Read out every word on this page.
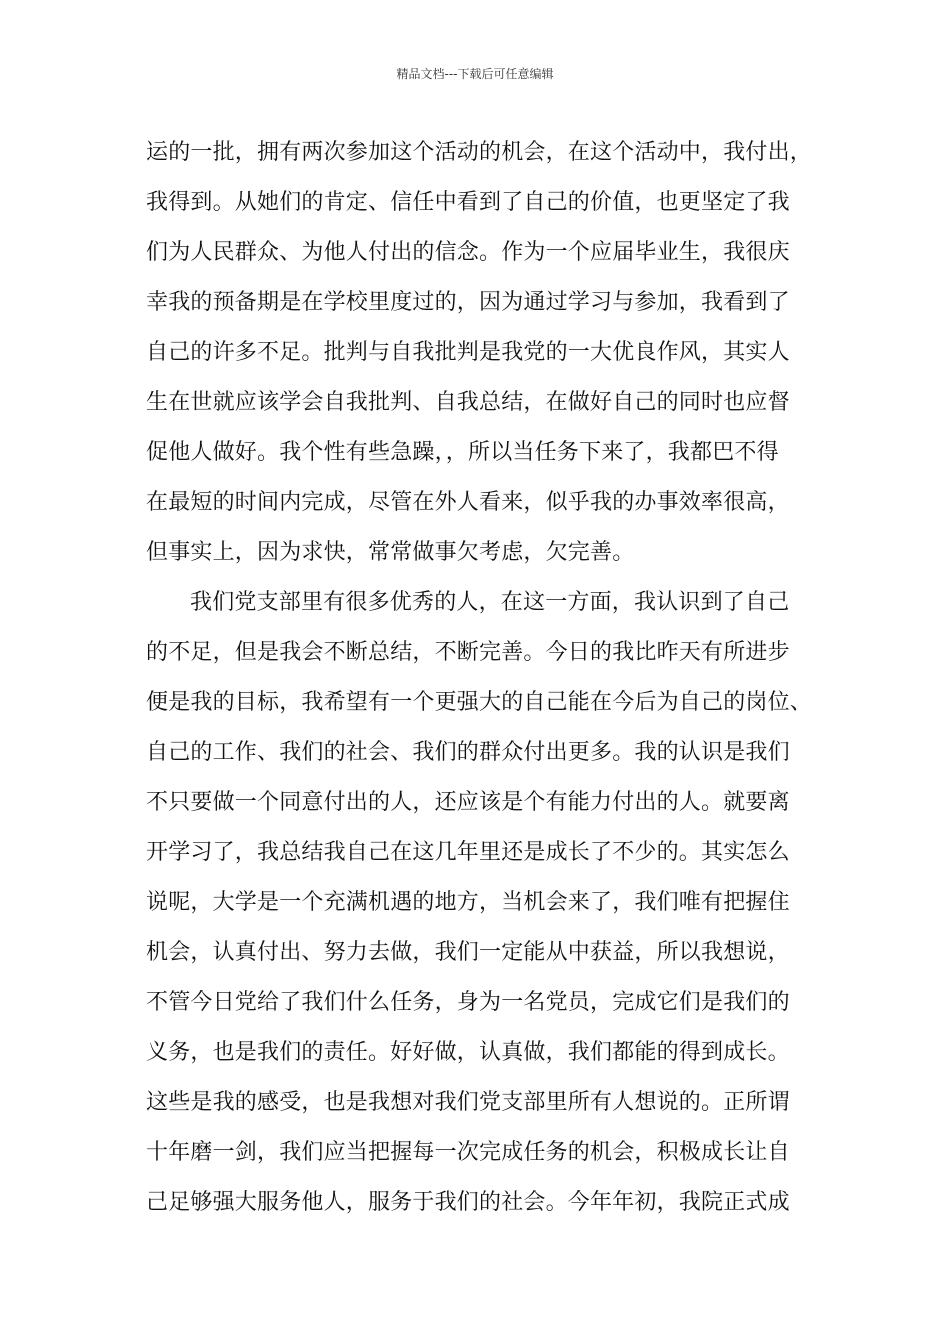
精品文档---下载后可任意编辑
运的一批，拥有两次参加这个活动的机会，在这个活动中，我付出，
我得到。从她们的肯定、信任中看到了自己的价值，也更坚定了我
们为人民群众、为他人付出的信念。作为一个应届毕业生，我很庆
幸我的预备期是在学校里度过的，因为通过学习与参加，我看到了
自己的许多不足。批判与自我批判是我党的一大优良作风，其实人
生在世就应该学会自我批判、自我总结，在做好自己的同时也应督
促他人做好。我个性有些急躁，，所以当任务下来了，我都巴不得
在最短的时间内完成，尽管在外人看来，似乎我的办事效率很高，
但事实上，因为求快，常常做事欠考虑，欠完善。
我们党支部里有很多优秀的人，在这一方面，我认识到了自己
的不足，但是我会不断总结，不断完善。今日的我比昨天有所进步
便是我的目标，我希望有一个更强大的自己能在今后为自己的岗位、
自己的工作、我们的社会、我们的群众付出更多。我的认识是我们
不只要做一个同意付出的人，还应该是个有能力付出的人。就要离
开学习了，我总结我自己在这几年里还是成长了不少的。其实怎么
说呢，大学是一个充满机遇的地方，当机会来了，我们唯有把握住
机会，认真付出、努力去做，我们一定能从中获益，所以我想说，
不管今日党给了我们什么任务，身为一名党员，完成它们是我们的
义务，也是我们的责任。好好做，认真做，我们都能的得到成长。
这些是我的感受，也是我想对我们党支部里所有人想说的。正所谓
十年磨一剑，我们应当把握每一次完成任务的机会，积极成长让自
己足够强大服务他人，服务于我们的社会。今年年初，我院正式成
